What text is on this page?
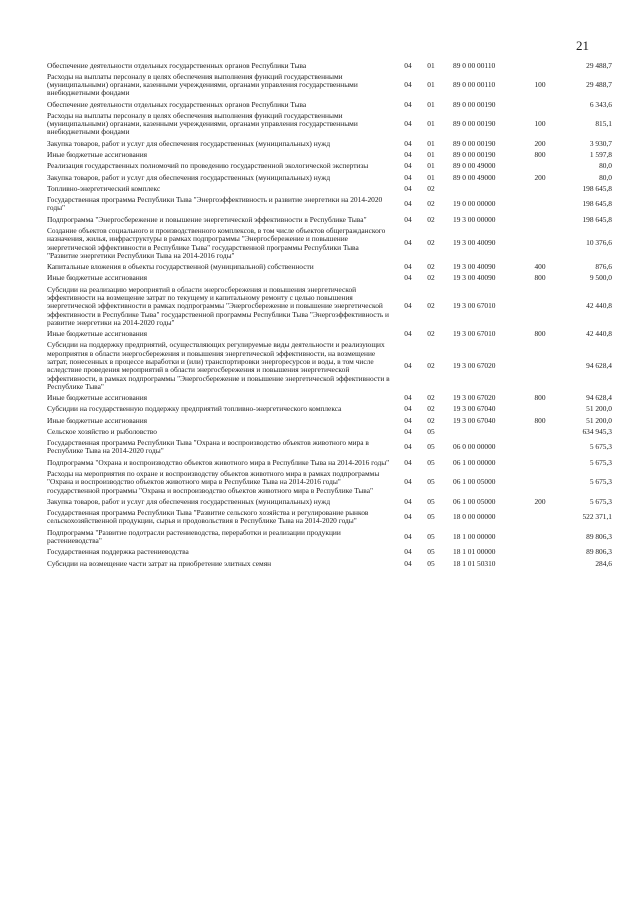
21
Обеспечение деятельности отдельных государственных органов Республики Тыва	04	01	89 0 00 00110		29 488,7
Расходы на выплаты персоналу в целях обеспечения выполнения функций государственными (муниципальными) органами, казенными учреждениями, органами управления государственными внебюджетными фондами	04	01	89 0 00 00110	100	29 488,7
Обеспечение деятельности отдельных государственных органов Республики Тыва	04	01	89 0 00 00190		6 343,6
Расходы на выплаты персоналу в целях обеспечения выполнения функций государственными (муниципальными) органами, казенными учреждениями, органами управления государственными внебюджетными фондами	04	01	89 0 00 00190	100	815,1
Закупка товаров, работ и услуг для обеспечения государственных (муниципальных) нужд	04	01	89 0 00 00190	200	3 930,7
Иные бюджетные ассигнования	04	01	89 0 00 00190	800	1 597,8
Реализация государственных полномочий по проведению государственной экологической экспертизы	04	01	89 0 00 49000		80,0
Закупка товаров, работ и услуг для обеспечения государственных (муниципальных) нужд	04	01	89 0 00 49000	200	80,0
Топливно-энергетический комплекс	04	02			198 645,8
Государственная программа Республики Тыва "Энергоэффективность и развитие энергетики на 2014-2020 годы"	04	02	19 0 00 00000		198 645,8
Подпрограмма "Энергосбережение и повышение энергетической эффективности в Республике Тыва"	04	02	19 3 00 00000		198 645,8
Создание объектов социального и производственного комплексов, в том числе объектов общегражданского назначения, жилья, инфраструктуры в рамках подпрограммы "Энергосбережение и повышение энергетической эффективности в Республике Тыва" государственной программы Республики Тыва "Развитие энергетики Республики Тыва на 2014-2016 годы"	04	02	19 3 00 40090		10 376,6
Капитальные вложения в объекты государственной (муниципальной) собственности	04	02	19 3 00 40090	400	876,6
Иные бюджетные ассигнования	04	02	19 3 00 40090	800	9 500,0
Субсидии на реализацию мероприятий в области энергосбережения и повышения энергетической эффективности на возмещение затрат по текущему и капитальному ремонту с целью повышения энергетической эффективности в рамках подпрограммы "Энергосбережение и повышение энергетической эффективности в Республике Тыва" государственной программы Республики Тыва "Энергоэффективность и развитие энергетики на 2014-2020 годы"	04	02	19 3 00 67010		42 440,8
Иные бюджетные ассигнования	04	02	19 3 00 67010	800	42 440,8
Субсидии на поддержку предприятий, осуществляющих регулируемые виды деятельности и реализующих мероприятия в области энергосбережения и повышения энергетической эффективности, на возмещение затрат, понесенных в процессе выработки и (или) транспортировки энергоресурсов и воды, в том числе вследствие проведения мероприятий в области энергосбережения и повышения энергетической эффективности, в рамках подпрограммы "Энергосбережение и повышение энергетической эффективности в Республике Тыва"	04	02	19 3 00 67020		94 628,4
Иные бюджетные ассигнования	04	02	19 3 00 67020	800	94 628,4
Субсидии на государственную поддержку предприятий топливно-энергетического комплекса	04	02	19 3 00 67040		51 200,0
Иные бюджетные ассигнования	04	02	19 3 00 67040	800	51 200,0
Сельское хозяйство и рыболовство	04	05			634 945,3
Государственная программа Республики Тыва "Охрана и воспроизводство объектов животного мира в Республике Тыва на 2014-2020 годы"	04	05	06 0 00 00000		5 675,3
Подпрограмма "Охрана и воспроизводство объектов животного мира в Республике Тыва на 2014-2016 годы"	04	05	06 1 00 00000		5 675,3
Расходы на мероприятия по охране и воспроизводству объектов животного мира в рамках подпрограммы "Охрана и воспроизводство объектов животного мира в Республике Тыва на 2014-2016 годы" государственной программы "Охрана и воспроизводство объектов животного мира в Республике Тыва"	04	05	06 1 00 05000		5 675,3
Закупка товаров, работ и услуг для обеспечения государственных (муниципальных) нужд	04	05	06 1 00 05000	200	5 675,3
Государственная программа Республики Тыва "Развитие сельского хозяйства и регулирование рынков сельскохозяйственной продукции, сырья и продовольствия в Республике Тыва на 2014-2020 годы"	04	05	18 0 00 00000		522 371,1
Подпрограмма "Развитие подотрасли растениеводства, переработки и реализации продукции растениеводства"	04	05	18 1 00 00000		89 806,3
Государственная поддержка растениеводства	04	05	18 1 01 00000		89 806,3
Субсидии на возмещение части затрат на приобретение элитных семян	04	05	18 1 01 50310		284,6
